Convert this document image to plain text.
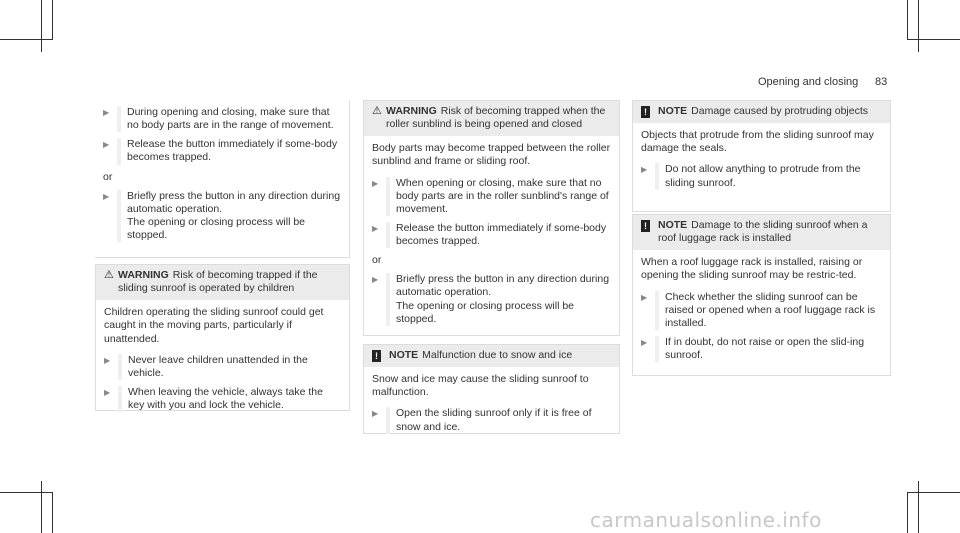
Opening and closing 83
▶	During opening and closing, make sure that no body parts are in the range of movement.
▶	Release the button immediately if some-body becomes trapped.
or
▶	Briefly press the button in any direction during automatic operation.
The opening or closing process will be stopped.
⚠ WARNING Risk of becoming trapped if the sliding sunroof is operated by children
Children operating the sliding sunroof could get caught in the moving parts, particularly if unattended.
▶	Never leave children unattended in the vehicle.
▶	When leaving the vehicle, always take the key with you and lock the vehicle.
⚠ WARNING Risk of becoming trapped when the roller sunblind is being opened and closed
Body parts may become trapped between the roller sunblind and frame or sliding roof.
▶	When opening or closing, make sure that no body parts are in the roller sunblind's range of movement.
▶	Release the button immediately if some-body becomes trapped.
or
▶	Briefly press the button in any direction during automatic operation.
The opening or closing process will be stopped.
! NOTE Malfunction due to snow and ice
Snow and ice may cause the sliding sunroof to malfunction.
▶	Open the sliding sunroof only if it is free of snow and ice.
! NOTE Damage caused by protruding objects
Objects that protrude from the sliding sunroof may damage the seals.
▶	Do not allow anything to protrude from the sliding sunroof.
! NOTE Damage to the sliding sunroof when a roof luggage rack is installed
When a roof luggage rack is installed, raising or opening the sliding sunroof may be restric-ted.
▶	Check whether the sliding sunroof can be raised or opened when a roof luggage rack is installed.
▶	If in doubt, do not raise or open the slid-ing sunroof.
carmanualsonline.info
